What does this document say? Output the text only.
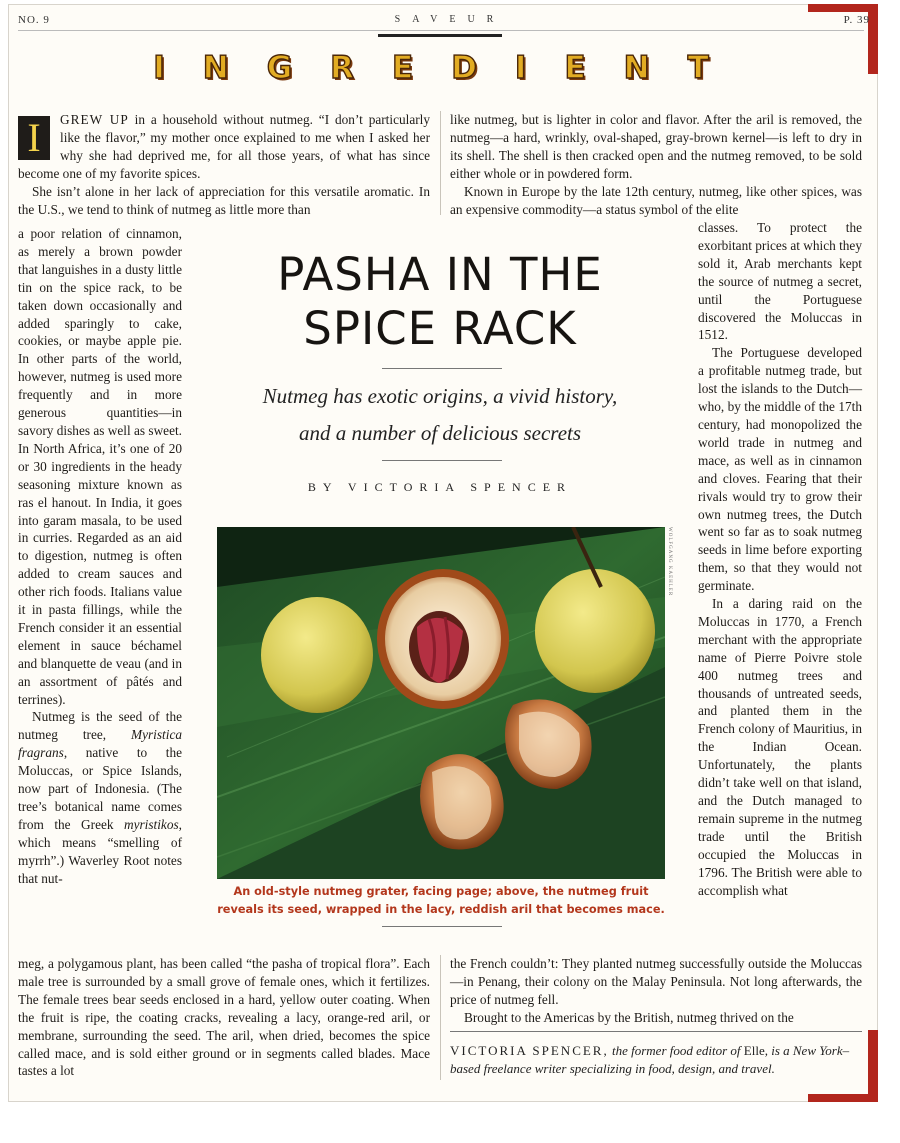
NO. 9	SAVEUR	P. 39
INGREDIENT

I	GREW UP in a household without nutmeg. “I don’t particularly like the flavor,” my mother once explained to me when I asked her why she had deprived me, for all those years, of what has since become one of my favorite spices.

She isn’t alone in her lack of appreciation for this versatile aromatic. In the U.S., we tend to think of nutmeg as little more than

like nutmeg, but is lighter in color and flavor. After the aril is removed, the nutmeg—a hard, wrinkly, oval-shaped, gray-brown kernel—is left to dry in its shell. The shell is then cracked open and the nutmeg removed, to be sold either whole or in powdered form.

Known in Europe by the late 12th century, nutmeg, like other spices, was an expensive commodity—a status symbol of the elite

a poor relation of cinnamon, as merely a brown powder that languishes in a dusty little tin on the spice rack, to be taken down occasionally and added sparingly to cake, cookies, or maybe apple pie. In other parts of the world, however, nutmeg is used more frequently and in more generous quantities—in savory dishes as well as sweet. In North Africa, it’s one of 20 or 30 ingredients in the heady seasoning mixture known as ras el hanout. In India, it goes into garam masala, to be used in curries. Regarded as an aid to digestion, nutmeg is often added to cream sauces and other rich foods. Italians value it in pasta fillings, while the French consider it an essential element in sauce béchamel and blanquette de veau (and in an assortment of pâtés and terrines).

Nutmeg is the seed of the nutmeg tree, Myristica fragrans, native to the Moluccas, or Spice Islands, now part of Indonesia. (The tree’s botanical name comes from the Greek myristikos, which means “smelling of myrrh”.) Waverley Root notes that nut-

classes. To protect the exorbitant prices at which they sold it, Arab merchants kept the source of nutmeg a secret, until the Portuguese discovered the Moluccas in 1512.

The Portuguese developed a profitable nutmeg trade, but lost the islands to the Dutch—who, by the middle of the 17th century, had monopolized the world trade in nutmeg and mace, as well as in cinnamon and cloves. Fearing that their rivals would try to grow their own nutmeg trees, the Dutch went so far as to soak nutmeg seeds in lime before exporting them, so that they would not germinate.

In a daring raid on the Moluccas in 1770, a French merchant with the appropriate name of Pierre Poivre stole 400 nutmeg trees and thousands of untreated seeds, and planted them in the French colony of Mauritius, in the Indian Ocean. Unfortunately, the plants didn’t take well on that island, and the Dutch managed to remain supreme in the nutmeg trade until the British occupied the Moluccas in 1796. The British were able to accomplish what

PASHA IN THE
SPICE RACK
Nutmeg has exotic origins, a vivid history,
and a number of delicious secrets
BY VICTORIA SPENCER
WOLFGANG KAEHLER
An old-style nutmeg grater, facing page; above, the nutmeg fruit
reveals its seed, wrapped in the lacy, reddish aril that becomes mace.

meg, a polygamous plant, has been called “the pasha of tropical flora”. Each male tree is surrounded by a small grove of female ones, which it fertilizes. The female trees bear seeds enclosed in a hard, yellow outer coating. When the fruit is ripe, the coating cracks, revealing a lacy, orange-red aril, or membrane, surrounding the seed. The aril, when dried, becomes the spice called mace, and is sold either ground or in segments called blades. Mace tastes a lot

the French couldn’t: They planted nutmeg successfully outside the Moluccas—in Penang, their colony on the Malay Peninsula. Not long afterwards, the price of nutmeg fell.

Brought to the Americas by the British, nutmeg thrived on the

VICTORIA SPENCER, the former food editor of Elle, is a New York–based freelance writer specializing in food, design, and travel.
